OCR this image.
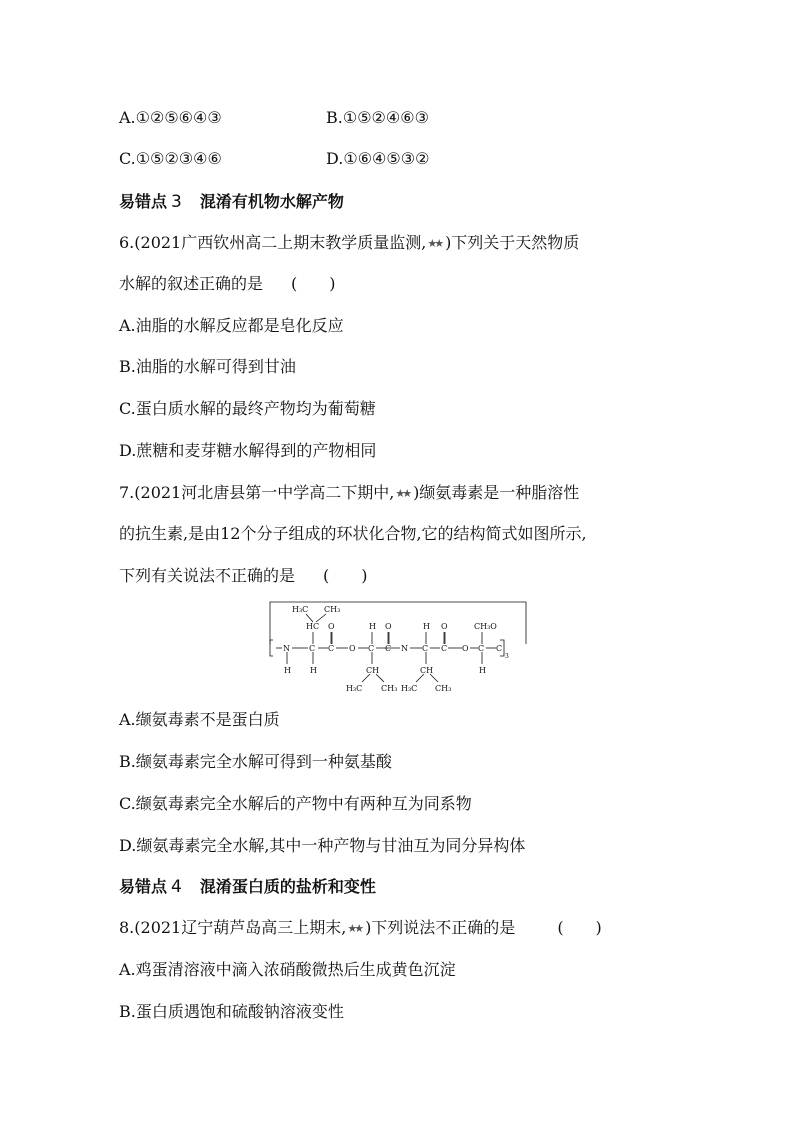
A.①②⑤⑥④③	B.①⑤②④⑥③
C.①⑤②③④⑥	D.①⑥④⑤③②
易错点 3 混淆有机物水解产物
6.(2021广西钦州高二上期末教学质量监测,★★ )下列关于天然物质
水解的叙述正确的是 (　　)
A.油脂的水解反应都是皂化反应
B.油脂的水解可得到甘油
C.蛋白质水解的最终产物均为葡萄糖
D.蔗糖和麦芽糖水解得到的产物相同
7.(2021河北唐县第一中学高二下期中,★★ )缬氨毒素是一种脂溶性
的抗生素,是由12个分子组成的环状化合物,它的结构简式如图所示,
下列有关说法不正确的是 (　　)
H₃C CH₃
HC O	H O	H O	CH₃O
N C C O C C N C C O C C
3
H H	CH	CH	H
H₃C CH₃ H₃C CH₃
A.缬氨毒素不是蛋白质
B.缬氨毒素完全水解可得到一种氨基酸
C.缬氨毒素完全水解后的产物中有两种互为同系物
D.缬氨毒素完全水解,其中一种产物与甘油互为同分异构体
易错点 4 混淆蛋白质的盐析和变性
8.(2021辽宁葫芦岛高三上期末,★★ )下列说法不正确的是	(　　)
A.鸡蛋清溶液中滴入浓硝酸微热后生成黄色沉淀
B.蛋白质遇饱和硫酸钠溶液变性
